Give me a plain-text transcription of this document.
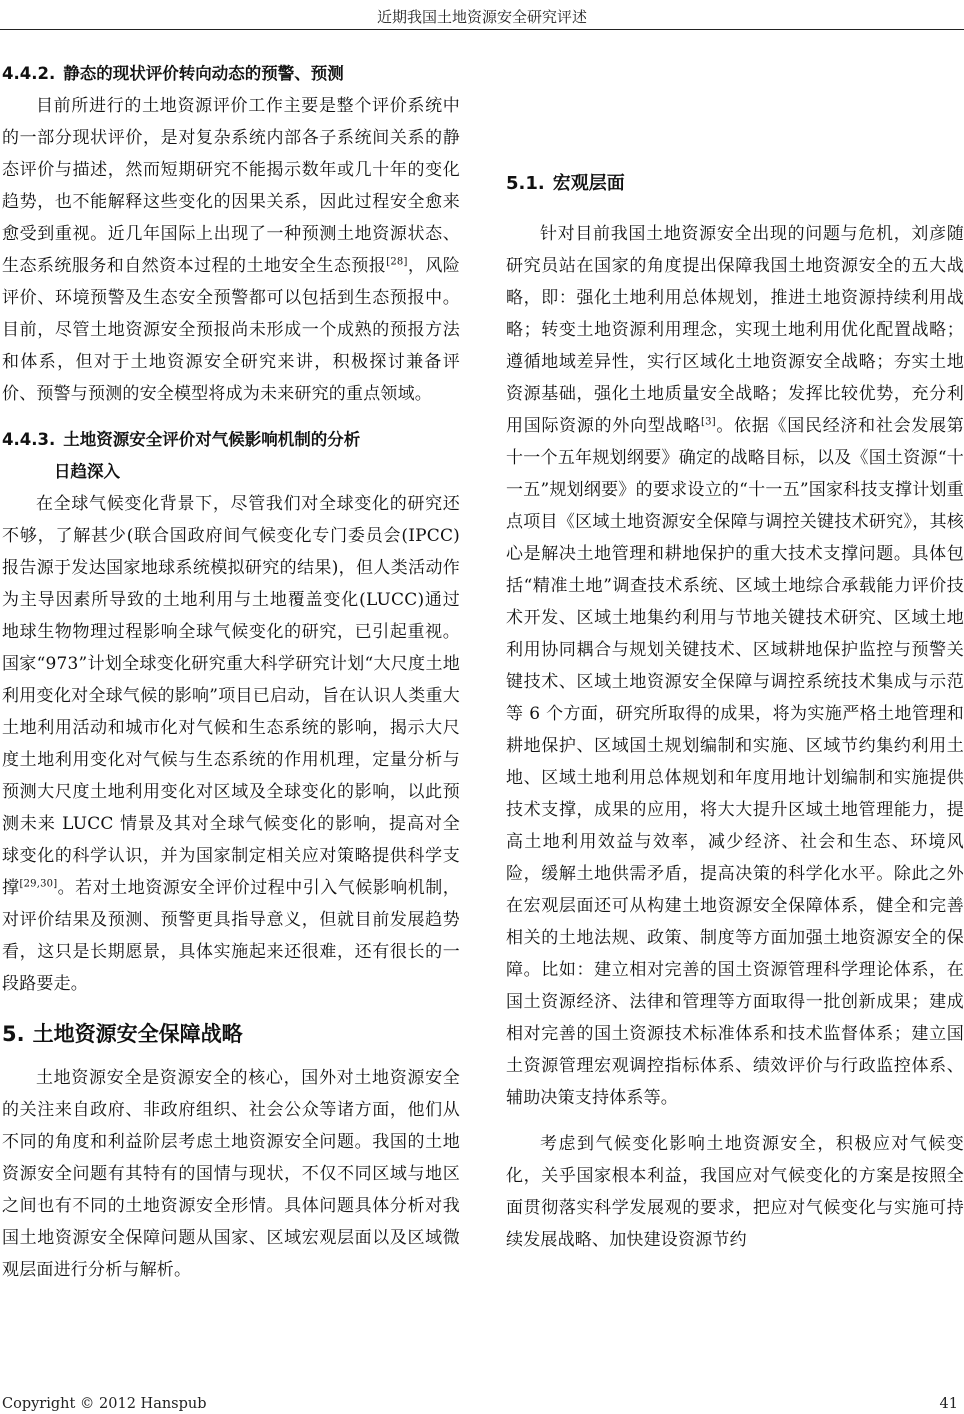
近期我国土地资源安全研究评述
4.4.2. 静态的现状评价转向动态的预警、预测

目前所进行的土地资源评价工作主要是整个评价系统中的一部分现状评价，是对复杂系统内部各子系统间关系的静态评价与描述，然而短期研究不能揭示数年或几十年的变化趋势，也不能解释这些变化的因果关系，因此过程安全愈来愈受到重视。近几年国际上出现了一种预测土地资源状态、生态系统服务和自然资本过程的土地安全生态预报[28]，风险评价、环境预警及生态安全预警都可以包括到生态预报中。目前，尽管土地资源安全预报尚未形成一个成熟的预报方法和体系，但对于土地资源安全研究来讲，积极探讨兼备评价、预警与预测的安全模型将成为未来研究的重点领域。

4.4.3. 土地资源安全评价对气候影响机制的分析
日趋深入

在全球气候变化背景下，尽管我们对全球变化的研究还不够，了解甚少(联合国政府间气候变化专门委员会(IPCC)报告源于发达国家地球系统模拟研究的结果)，但人类活动作为主导因素所导致的土地利用与土地覆盖变化(LUCC)通过地球生物物理过程影响全球气候变化的研究，已引起重视。国家“973”计划全球变化研究重大科学研究计划“大尺度土地利用变化对全球气候的影响”项目已启动，旨在认识人类重大土地利用活动和城市化对气候和生态系统的影响，揭示大尺度土地利用变化对气候与生态系统的作用机理，定量分析与预测大尺度土地利用变化对区域及全球变化的影响，以此预测未来 LUCC 情景及其对全球气候变化的影响，提高对全球变化的科学认识，并为国家制定相关应对策略提供科学支撑[29,30]。若对土地资源安全评价过程中引入气候影响机制，对评价结果及预测、预警更具指导意义，但就目前发展趋势看，这只是长期愿景，具体实施起来还很难，还有很长的一段路要走。

5. 土地资源安全保障战略

土地资源安全是资源安全的核心，国外对土地资源安全的关注来自政府、非政府组织、社会公众等诸方面，他们从不同的角度和利益阶层考虑土地资源安全问题。我国的土地资源安全问题有其特有的国情与现状，不仅不同区域与地区之间也有不同的土地资源安全形情。具体问题具体分析对我国土地资源安全保障问题从国家、区域宏观层面以及区域微观层面进行分析与解析。

5.1. 宏观层面

针对目前我国土地资源安全出现的问题与危机，刘彦随研究员站在国家的角度提出保障我国土地资源安全的五大战略，即：强化土地利用总体规划，推进土地资源持续利用战略；转变土地资源利用理念，实现土地利用优化配置战略；遵循地域差异性，实行区域化土地资源安全战略；夯实土地资源基础，强化土地质量安全战略；发挥比较优势，充分利用国际资源的外向型战略[3]。依据《国民经济和社会发展第十一个五年规划纲要》确定的战略目标，以及《国土资源“十一五”规划纲要》的要求设立的“十一五”国家科技支撑计划重点项目《区域土地资源安全保障与调控关键技术研究》，其核心是解决土地管理和耕地保护的重大技术支撑问题。具体包括“精准土地”调查技术系统、区域土地综合承载能力评价技术开发、区域土地集约利用与节地关键技术研究、区域土地利用协同耦合与规划关键技术、区域耕地保护监控与预警关键技术、区域土地资源安全保障与调控系统技术集成与示范等 6 个方面，研究所取得的成果，将为实施严格土地管理和耕地保护、区域国土规划编制和实施、区域节约集约利用土地、区域土地利用总体规划和年度用地计划编制和实施提供技术支撑，成果的应用，将大大提升区域土地管理能力，提高土地利用效益与效率，减少经济、社会和生态、环境风险，缓解土地供需矛盾，提高决策的科学化水平。除此之外在宏观层面还可从构建土地资源安全保障体系，健全和完善相关的土地法规、政策、制度等方面加强土地资源安全的保障。比如：建立相对完善的国土资源管理科学理论体系，在国土资源经济、法律和管理等方面取得一批创新成果；建成相对完善的国土资源技术标准体系和技术监督体系；建立国土资源管理宏观调控指标体系、绩效评价与行政监控体系、辅助决策支持体系等。

考虑到气候变化影响土地资源安全，积极应对气候变化，关乎国家根本利益，我国应对气候变化的方案是按照全面贯彻落实科学发展观的要求，把应对气候变化与实施可持续发展战略、加快建设资源节约

Copyright © 2012 Hanspub	41
